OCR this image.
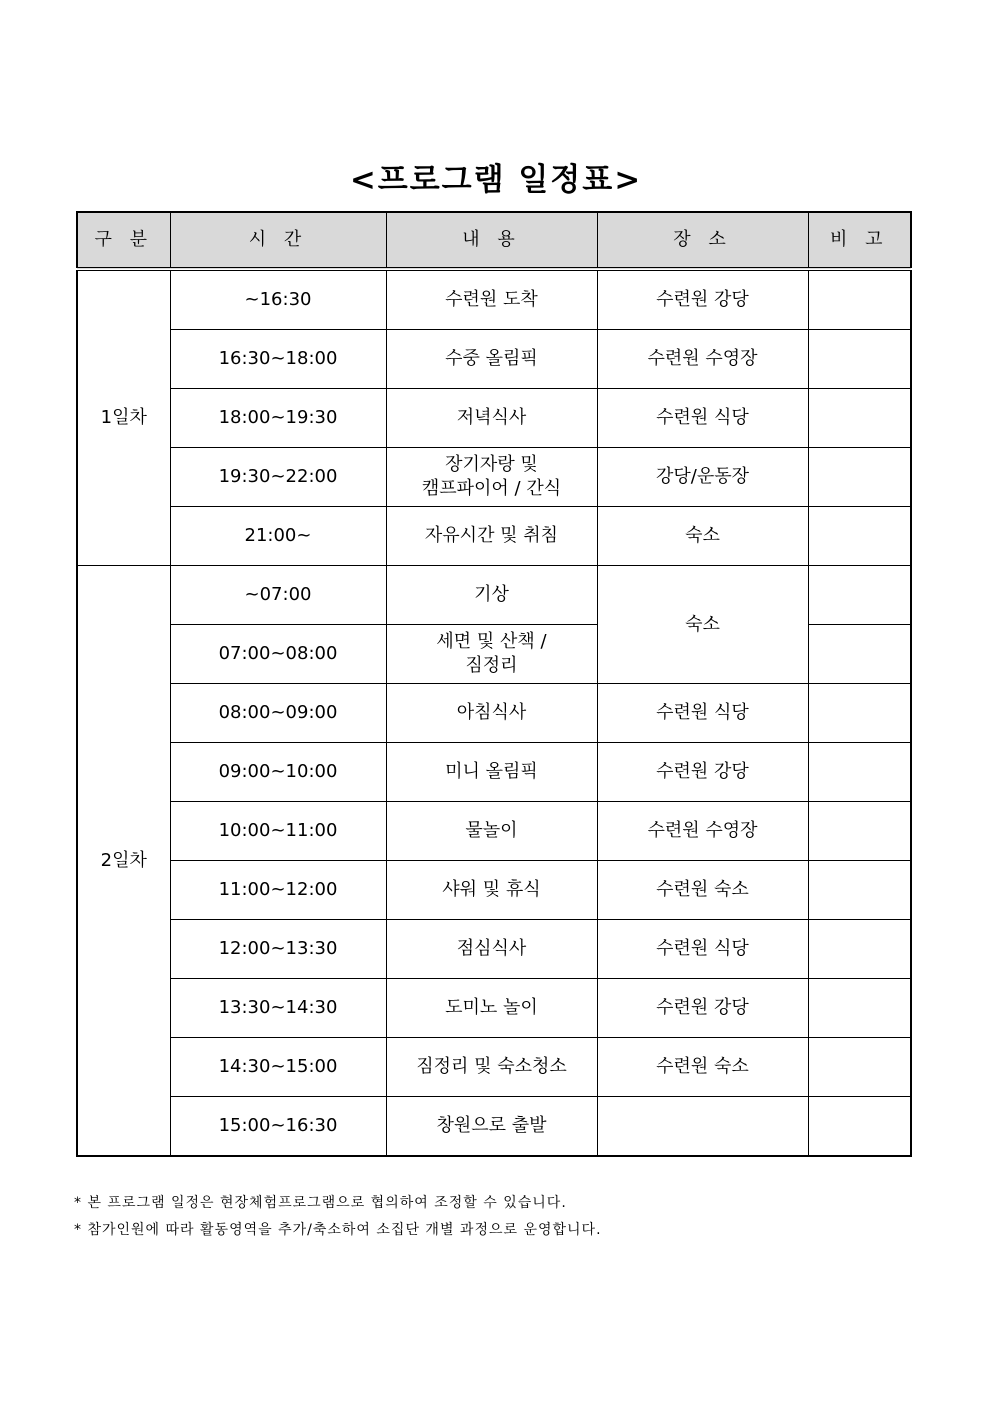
<프로그램 일정표>
구 분	시 간	내 용	장 소	비 고
1일차	~16:30	수련원 도착	수련원 강당	
	16:30~18:00	수중 올림픽	수련원 수영장	
	18:00~19:30	저녁식사	수련원 식당	
	19:30~22:00	장기자랑 및
캠프파이어 / 간식	강당/운동장	
	21:00~	자유시간 및 취침	숙소	
2일차	~07:00	기상	숙소	
	07:00~08:00	세면 및 산책 /
짐정리		

	08:00~09:00	아침식사	수련원 식당	
	09:00~10:00	미니 올림픽	수련원 강당	
	10:00~11:00	물놀이	수련원 수영장	
	11:00~12:00	샤워 및 휴식	수련원 숙소	
	12:00~13:30	점심식사	수련원 식당	
	13:30~14:30	도미노 놀이	수련원 강당	
	14:30~15:00	짐정리 및 숙소청소	수련원 숙소	
	15:00~16:30	창원으로 출발		
* 본 프로그램 일정은 현장체험프로그램으로 협의하여 조정할 수 있습니다.
* 참가인원에 따라 활동영역을 추가/축소하여 소집단 개별 과정으로 운영합니다.
